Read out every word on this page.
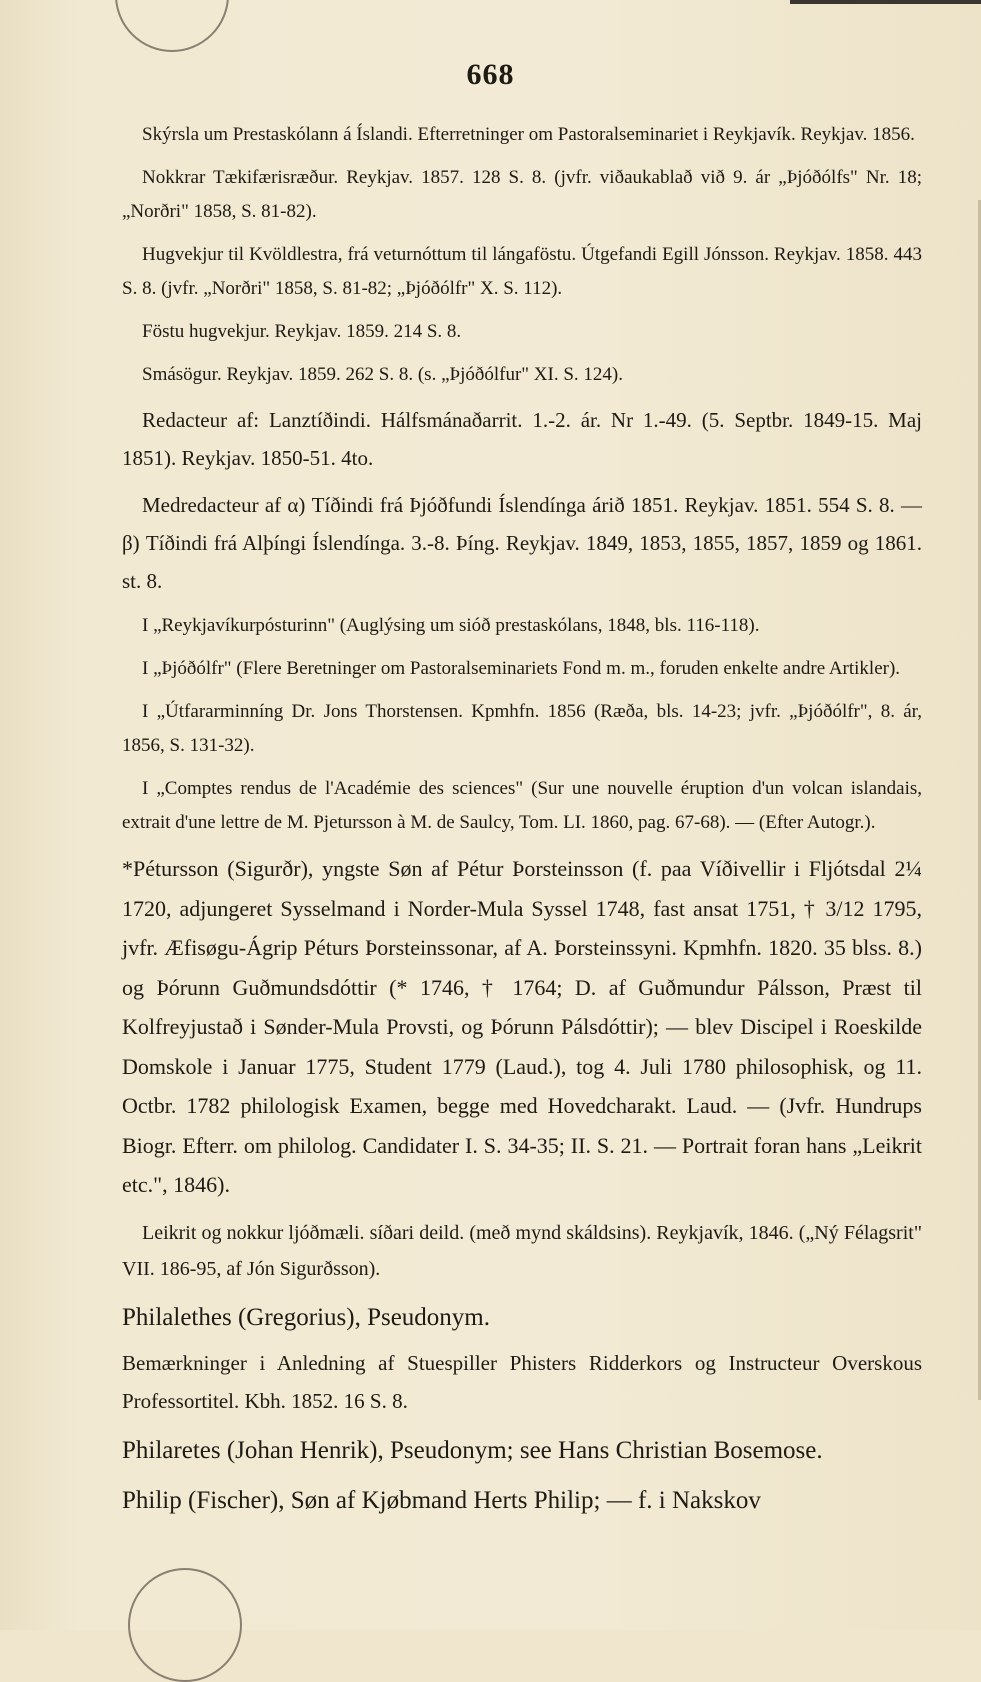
668

Skýrsla um Prestaskólann á Íslandi. Efterretninger om Pastoralseminariet i Reykjavík. Reykjav. 1856.

Nokkrar Tækifærisræður. Reykjav. 1857. 128 S. 8. (jvfr. viðaukablað við 9. ár „Þjóðólfs" Nr. 18; „Norðri" 1858, S. 81-82).

Hugvekjur til Kvöldlestra, frá veturnóttum til lángaföstu. Útgefandi Egill Jónsson. Reykjav. 1858. 443 S. 8. (jvfr. „Norðri" 1858, S. 81-82; „Þjóðólfr" X. S. 112).

Föstu hugvekjur. Reykjav. 1859. 214 S. 8.

Smásögur. Reykjav. 1859. 262 S. 8. (s. „Þjóðólfur" XI. S. 124).

Redacteur af: Lanztíðindi. Hálfsmánaðarrit. 1.-2. ár. Nr 1.-49. (5. Septbr. 1849-15. Maj 1851). Reykjav. 1850-51. 4to.

Medredacteur af α) Tíðindi frá Þjóðfundi Íslendínga árið 1851. Reykjav. 1851. 554 S. 8. — β) Tíðindi frá Alþíngi Íslendínga. 3.-8. Þíng. Reykjav. 1849, 1853, 1855, 1857, 1859 og 1861. st. 8.

I „Reykjavíkurpósturinn" (Auglýsing um sióð prestaskólans, 1848, bls. 116-118).

I „Þjóðólfr" (Flere Beretninger om Pastoralseminariets Fond m. m., foruden enkelte andre Artikler).

I „Útfararminníng Dr. Jons Thorstensen. Kpmhfn. 1856 (Ræða, bls. 14-23; jvfr. „Þjóðólfr", 8. ár, 1856, S. 131-32).

I „Comptes rendus de l'Académie des sciences" (Sur une nouvelle éruption d'un volcan islandais, extrait d'une lettre de M. Pjetursson à M. de Saulcy, Tom. LI. 1860, pag. 67-68). — (Efter Autogr.).

*Pétursson (Sigurðr), yngste Søn af Pétur Þorsteinsson (f. paa Víðivellir i Fljótsdal 2¼ 1720, adjungeret Sysselmand i Norder-Mula Syssel 1748, fast ansat 1751, † 3/12 1795, jvfr. Æfisøgu-Ágrip Péturs Þorsteinssonar, af A. Þorsteinssyni. Kpmhfn. 1820. 35 blss. 8.) og Þórunn Guðmundsdóttir (* 1746, † 1764; D. af Guðmundur Pálsson, Præst til Kolfreyjustað i Sønder-Mula Provsti, og Þórunn Pálsdóttir); — blev Discipel i Roeskilde Domskole i Januar 1775, Student 1779 (Laud.), tog 4. Juli 1780 philosophisk, og 11. Octbr. 1782 philologisk Examen, begge med Hovedcharakt. Laud. — (Jvfr. Hundrups Biogr. Efterr. om philolog. Candidater I. S. 34-35; II. S. 21. — Portrait foran hans „Leikrit etc.", 1846).

Leikrit og nokkur ljóðmæli. síðari deild. (með mynd skáldsins). Reykjavík, 1846. („Ný Félagsrit" VII. 186-95, af Jón Sigurðsson).

Philalethes (Gregorius), Pseudonym.

Bemærkninger i Anledning af Stuespiller Phisters Ridderkors og Instructeur Overskous Professortitel. Kbh. 1852. 16 S. 8.

Philaretes (Johan Henrik), Pseudonym; see Hans Christian Bosemose.

Philip (Fischer), Søn af Kjøbmand Herts Philip; — f. i Nakskov
